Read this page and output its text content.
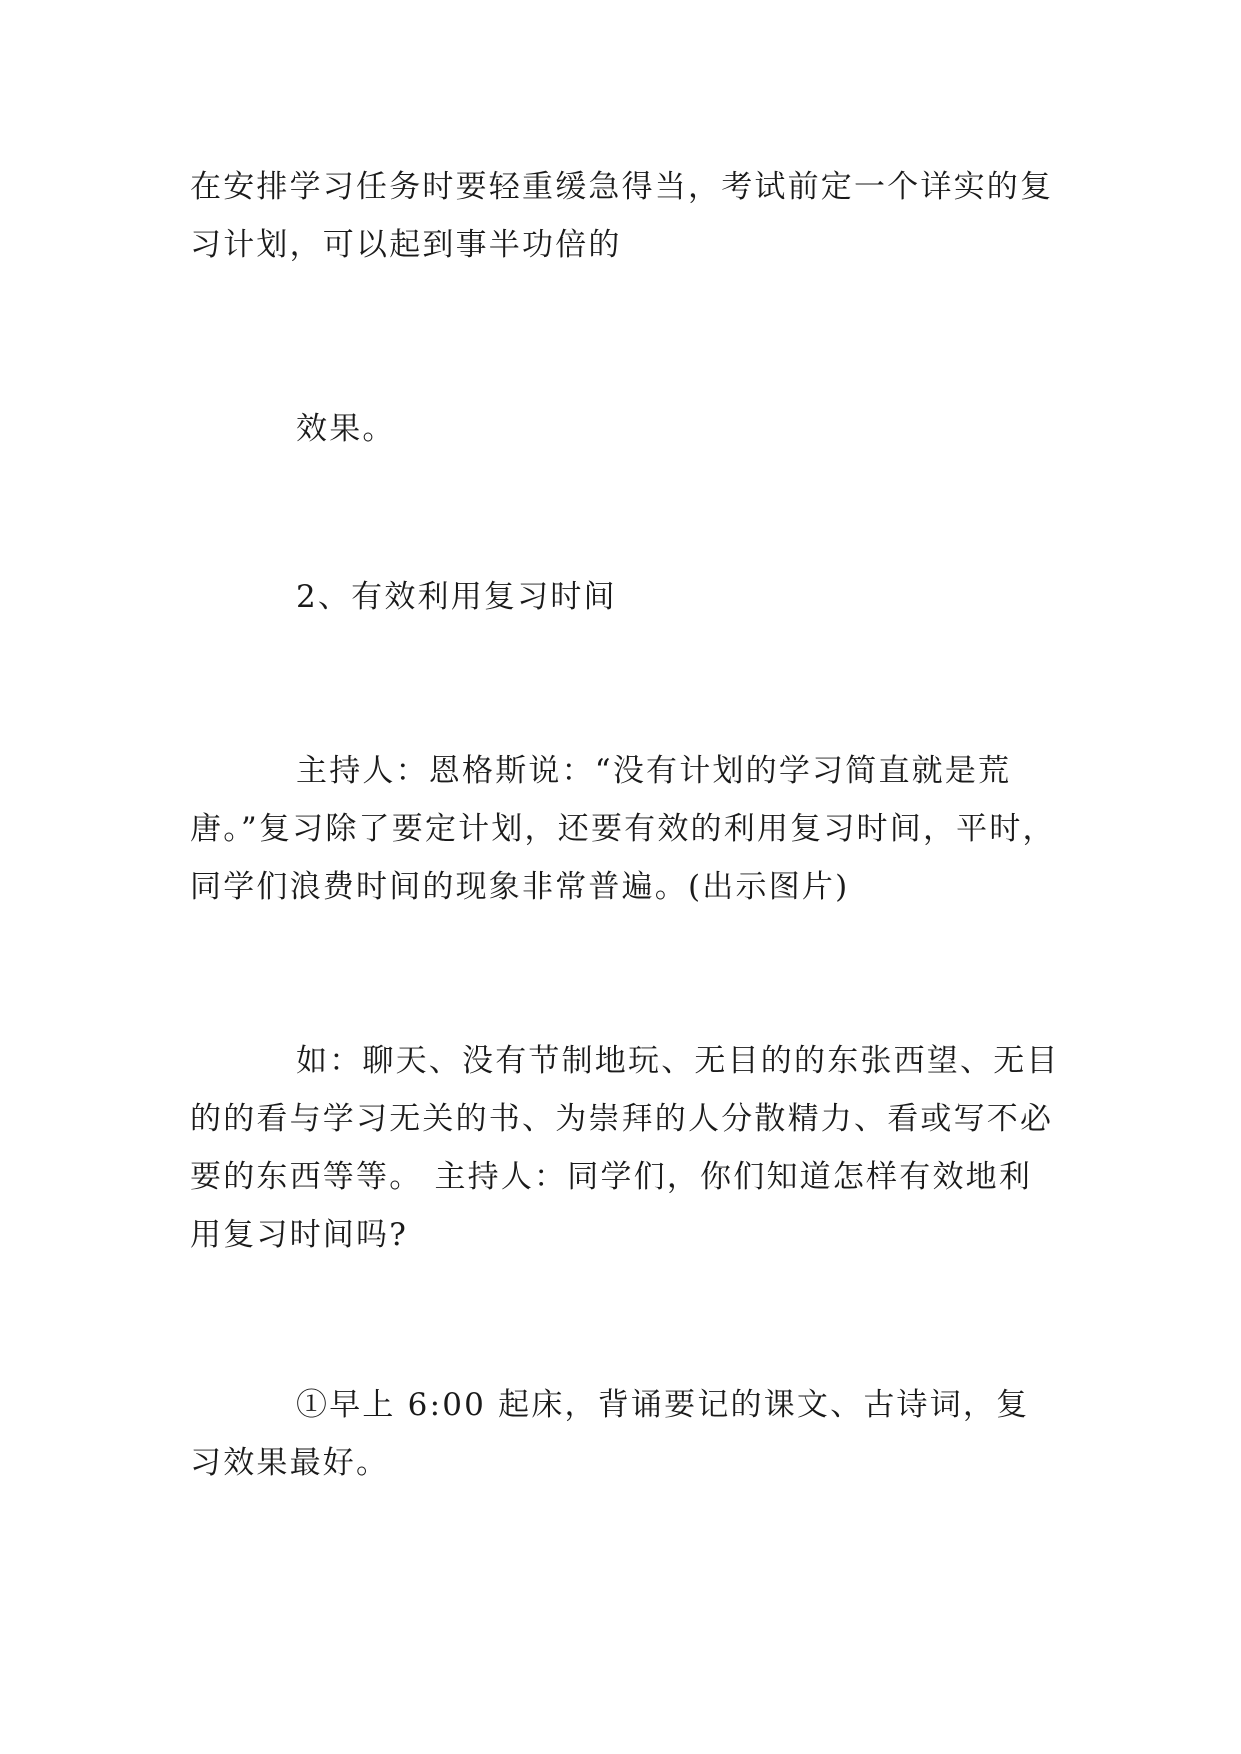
在安排学习任务时要轻重缓急得当，考试前定一个详实的复习计划，可以起到事半功倍的

效果。

2、有效利用复习时间

主持人：恩格斯说：“没有计划的学习简直就是荒唐。”复习除了要定计划，还要有效的利用复习时间，平时，同学们浪费时间的现象非常普遍。(出示图片)

如：聊天、没有节制地玩、无目的的东张西望、无目的的看与学习无关的书、为崇拜的人分散精力、看或写不必要的东西等等。 主持人：同学们，你们知道怎样有效地利用复习时间吗?

①早上 6:00 起床，背诵要记的课文、古诗词，复习效果最好。
